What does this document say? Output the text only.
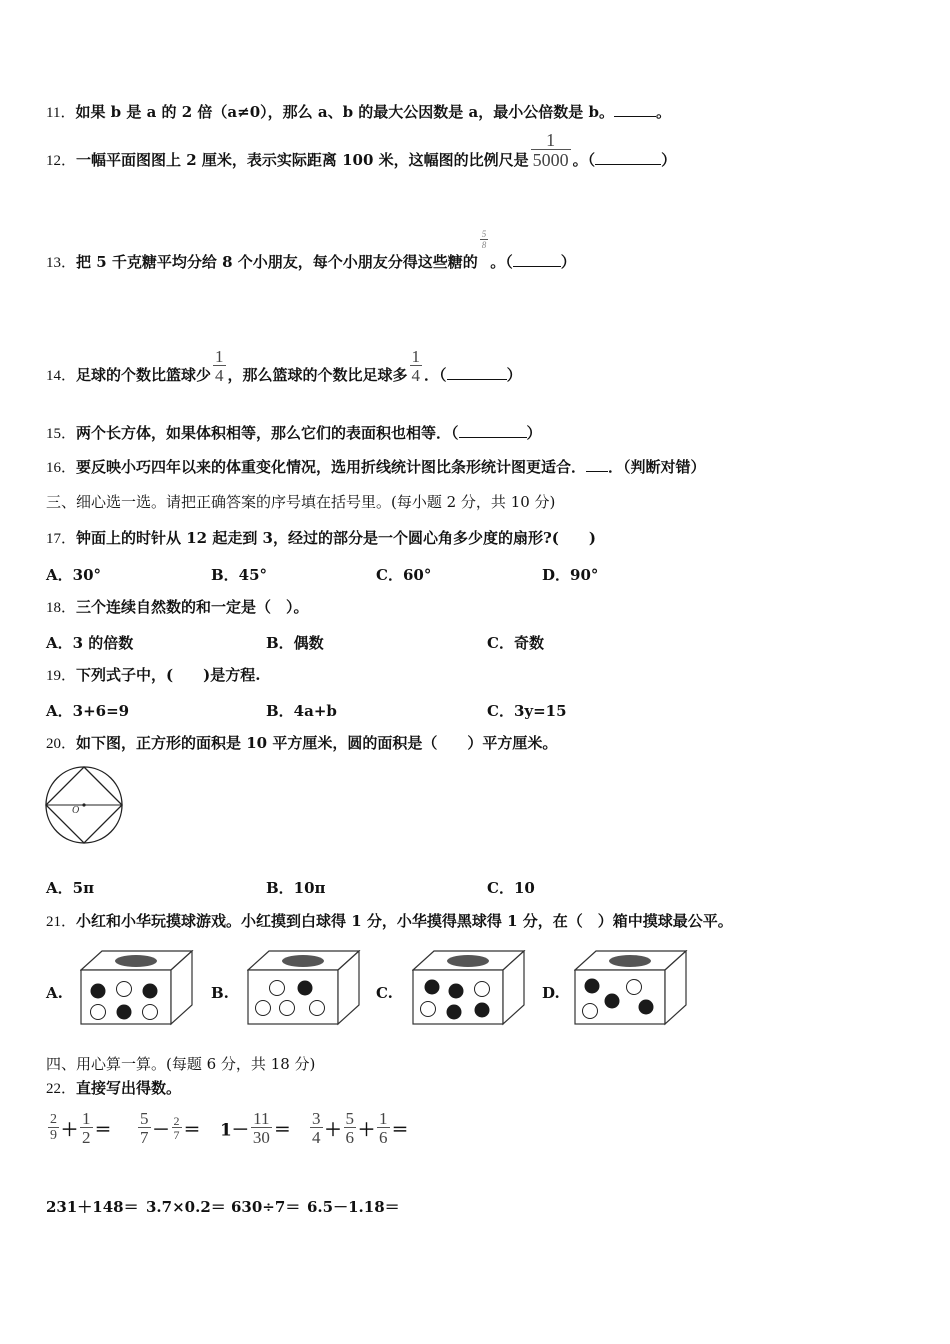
11．如果 b 是 a 的 2 倍（a≠0），那么 a、b 的最大公因数是 a，最小公倍数是 b。	。
12．一幅平面图图上 2 厘米，表示实际距离 100 米，这幅图的比例尺是 $\frac{1}{5000}$ 。（	）
13．把 5 千克糖平均分给 8 个小朋友，每个小朋友分得这些糖的
$\frac{5}{8}$
。（	）
14．足球的个数比篮球少 $\frac{1}{4}$ ，那么篮球的个数比足球多 $\frac{1}{4}$ ．（	）
15．两个长方体，如果体积相等，那么它们的表面积也相等．（	）
16．要反映小巧四年以来的体重变化情况，选用折线统计图比条形统计图更适合． ．（判断对错）
三、细心选一选。请把正确答案的序号填在括号里。(每小题 2 分，共 10 分)
17．钟面上的时针从 12 起走到 3，经过的部分是一个圆心角多少度的扇形?(　　)
A．30°	B．45°	C．60°	D．90°
18．三个连续自然数的和一定是（　）。
A．3 的倍数	B．偶数	C．奇数
19．下列式子中，(　　)是方程.
A．3+6=9	B．4a+b	C．3y=15
20．如下图，正方形的面积是 10 平方厘米，圆的面积是（　　）平方厘米。
O
A．5π	B．10π	C．10
21．小红和小华玩摸球游戏。小红摸到白球得 1 分，小华摸得黑球得 1 分，在（　）箱中摸球最公平。
A.	B.	C.	D.
四、用心算一算。(每题 6 分，共 18 分)
22．直接写出得数。
$\frac{2}{9} + \frac{1}{2} = \frac{5}{7} - \frac{2}{7} = 1- \frac{11}{30} = \frac{3}{4} + \frac{5}{6} + \frac{1}{6}$ ＝
231＋148＝ 3.7×0.2＝ 630÷7＝ 6.5－1.18＝
